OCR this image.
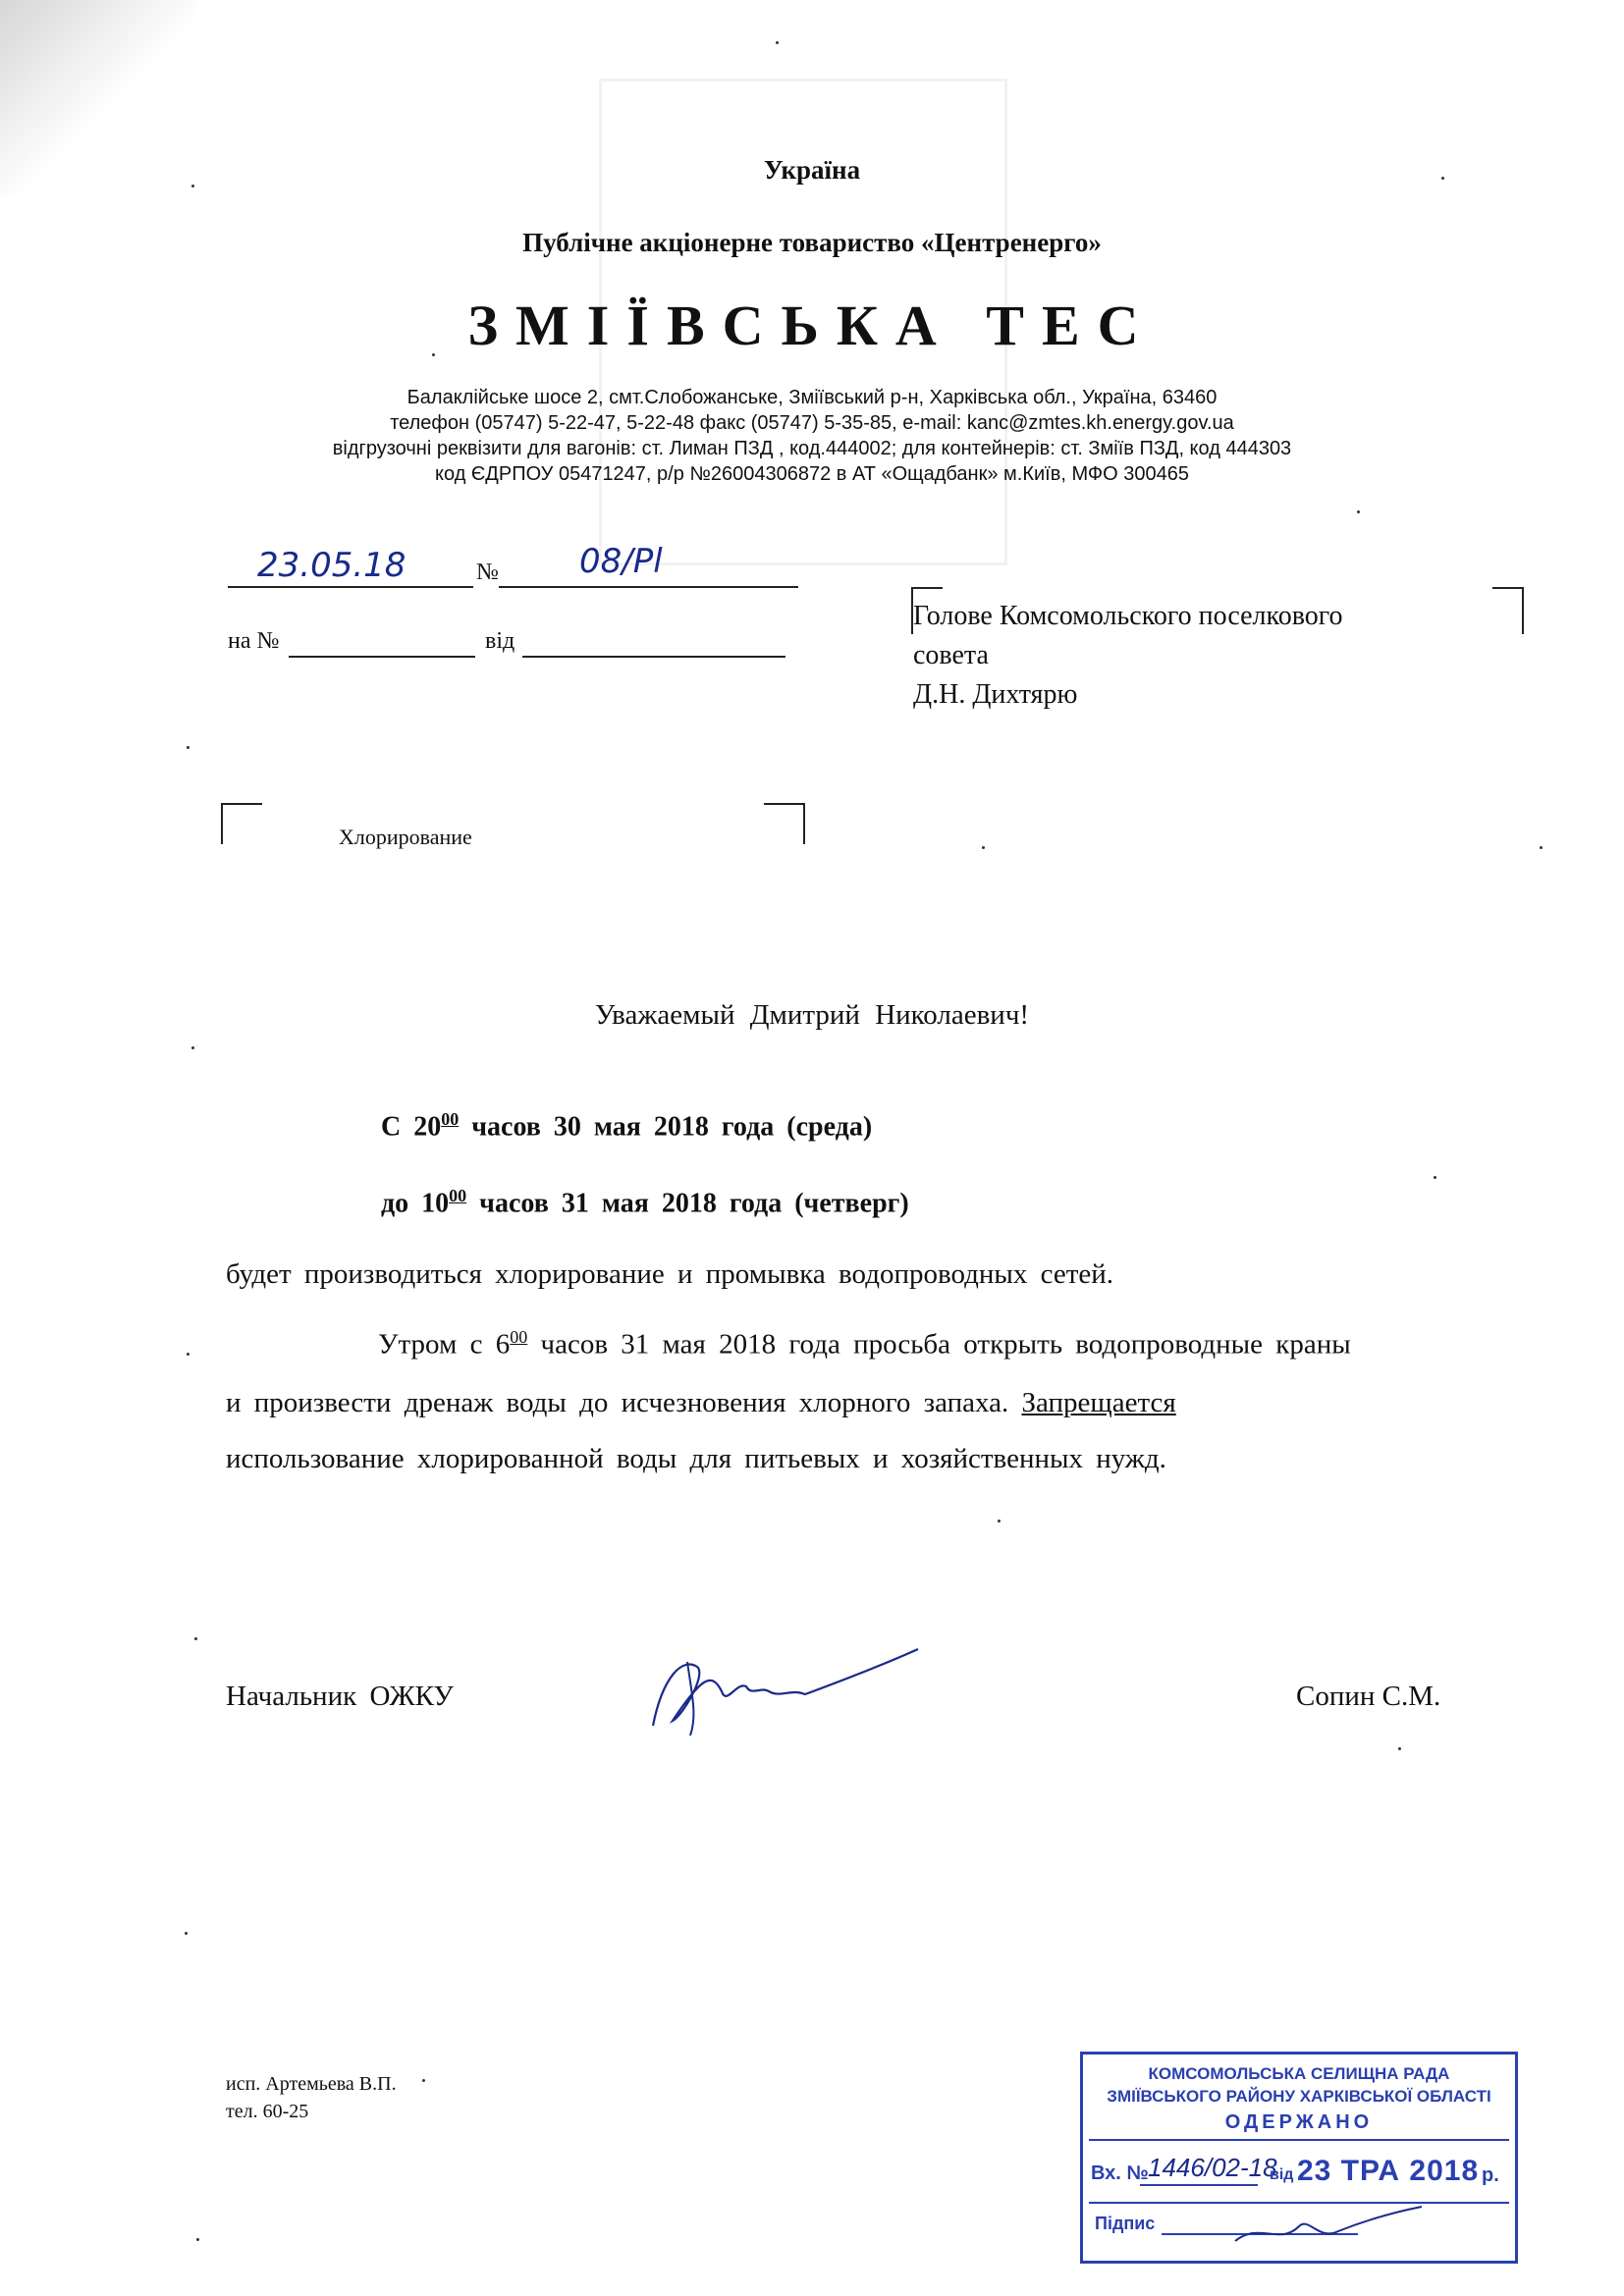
Україна
Публічне акціонерне товариство «Центренерго»
ЗМІЇВСЬКА ТЕС
Балаклійське шосе 2, смт.Слобожанське, Зміївський р-н, Харківська обл., Україна, 63460
телефон (05747) 5-22-47, 5-22-48 факс (05747) 5-35-85, e-mail: kanc@zmtes.kh.energy.gov.ua
відгрузочні реквізити для вагонів: ст. Лиман ПЗД , код.444002; для контейнерів: ст. Зміїв ПЗД, код 444303
код ЄДРПОУ 05471247, р/р №26004306872 в АТ «Ощадбанк» м.Київ, МФО 300465
23.05.18	№ 08/Pl
на №	від
Голове Комсомольского поселкового
совета
Д.Н. Дихтярю
Хлорирование
Уважаемый Дмитрий Николаевич!
С $20^{00}$ часов 30 мая 2018 года (среда)
до $10^{00}$ часов 31 мая 2018 года (четверг)
будет производиться хлорирование и промывка водопроводных сетей.
Утром с $6^{00}$ часов 31 мая 2018 года просьба открыть водопроводные краны
и произвести дренаж воды до исчезновения хлорного запаха. Запрещается
использование хлорированной воды для питьевых и хозяйственных нужд.
Начальник ОЖКУ	Сопин С.М.
исп. Артемьева В.П.
тел. 60-25
КОМСОМОЛЬСЬКА СЕЛИЩНА РАДА
ЗМІЇВСЬКОГО РАЙОНУ ХАРКІВСЬКОЇ ОБЛАСТІ
ОДЕРЖАНО
Вх. № 1446/02-18
від 23 ТРА 2018 р.
Підпис
